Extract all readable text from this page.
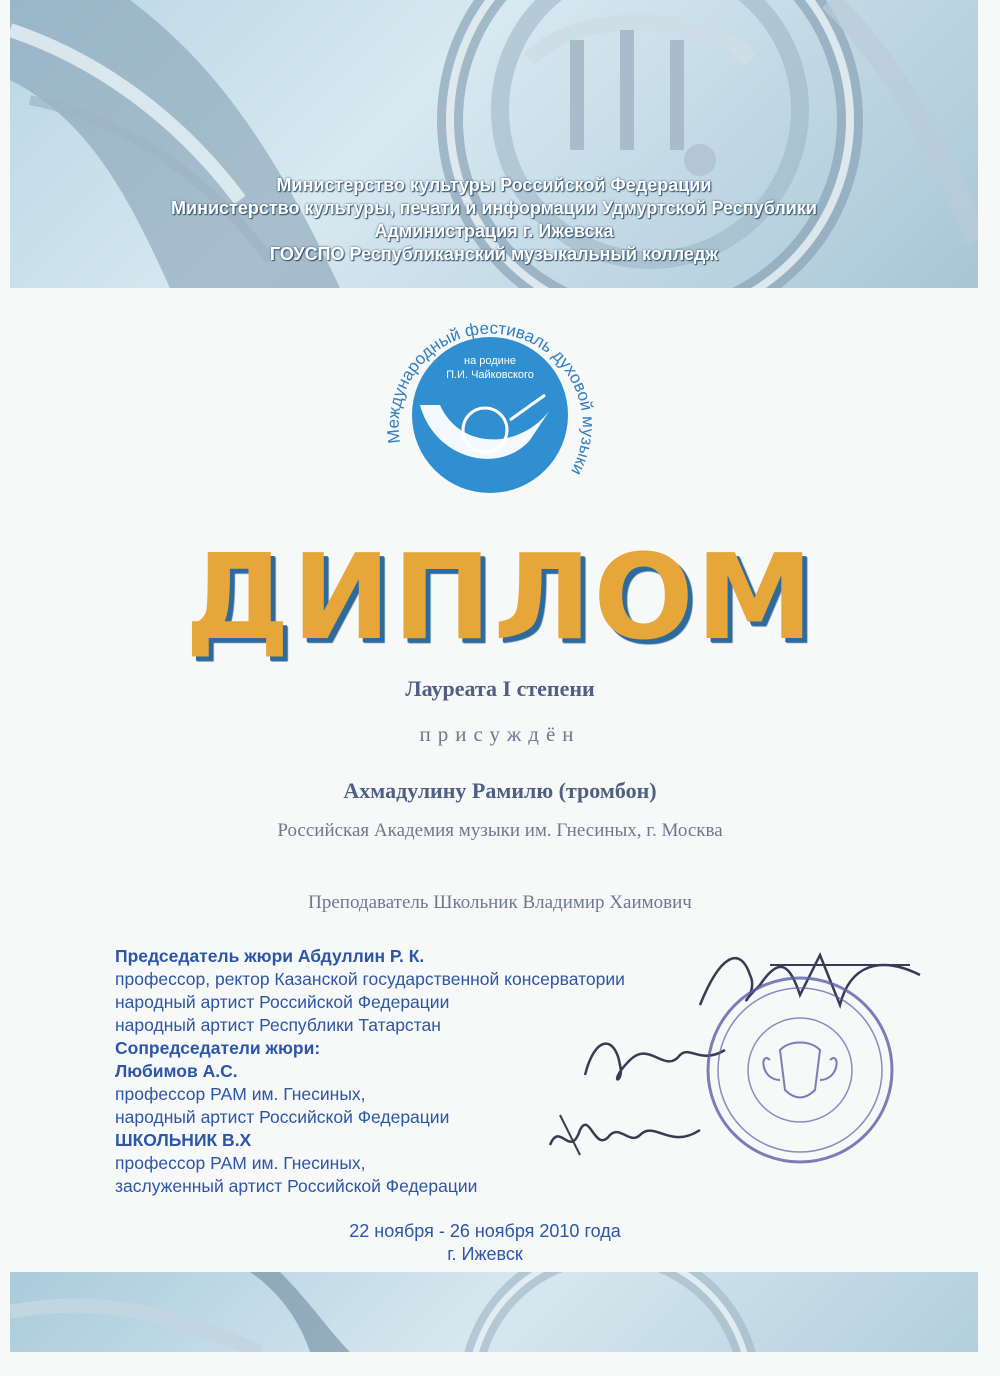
Министерство культуры Российской Федерации
Министерство культуры, печати и информации Удмуртской Республики
Администрация г. Ижевска
ГОУСПО Республиканский музыкальный колледж
Международный фестиваль духовой музыки
на родине
П.И. Чайковского
ДИПЛОМ
Лауреата I степени
присуждён
Ахмадулину Рамилю (тромбон)
Российская Академия музыки им. Гнесиных, г. Москва
Преподаватель Школьник Владимир Хаимович
Председатель жюри Абдуллин Р. К.
профессор, ректор Казанской государственной консерватории
народный артист Российской Федерации
народный артист Республики Татарстан
Сопредседатели жюри:
Любимов А.С.
профессор РАМ им. Гнесиных,
народный артист Российской Федерации
ШКОЛЬНИК В.Х
профессор РАМ им. Гнесиных,
заслуженный артист Российской Федерации
22 ноября - 26 ноября 2010 года
г. Ижевск
